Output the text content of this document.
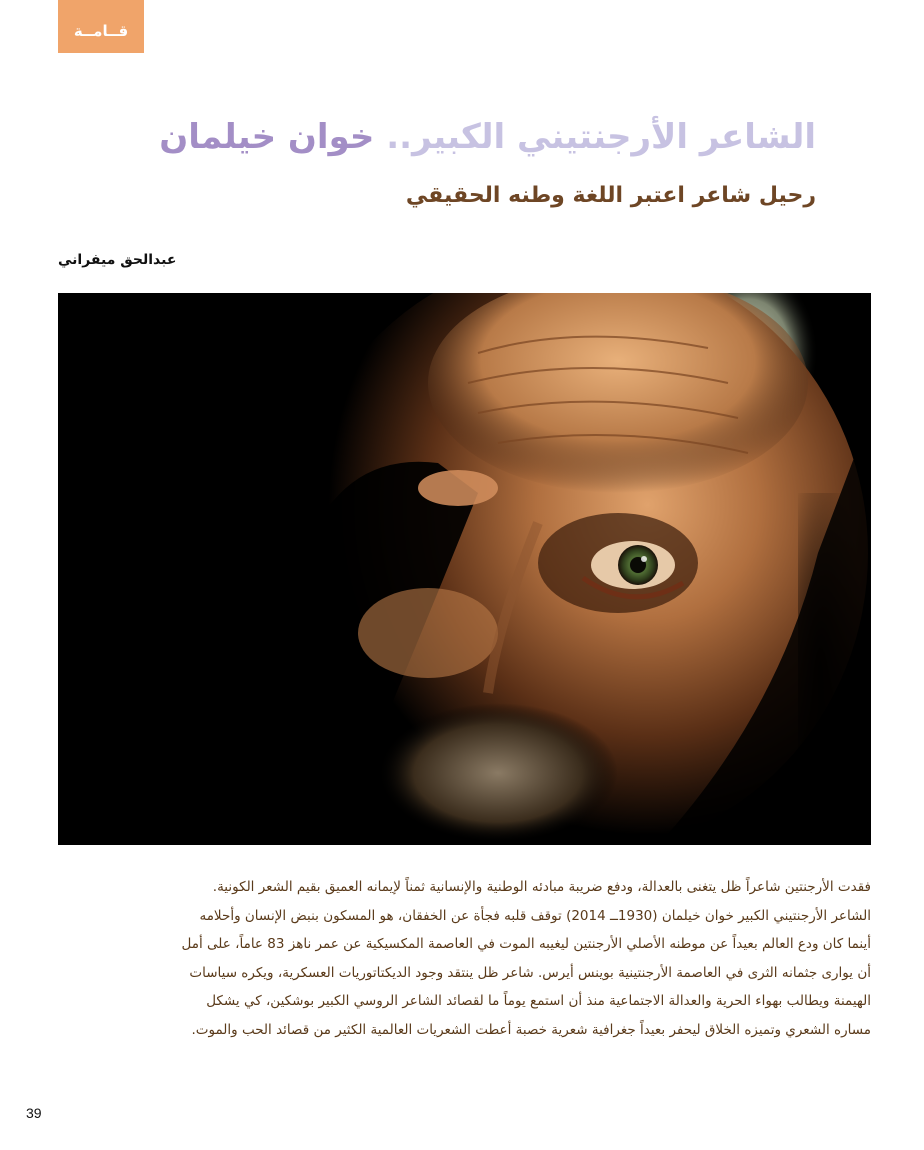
قــامــة
الشاعر الأرجنتيني الكبير.. خوان خيلمان
رحيل شاعر اعتبر اللغة وطنه الحقيقي
عبدالحق ميفراني
فقدت الأرجنتين شاعراً ظل يتغنى بالعدالة، ودفع ضريبة مبادئه الوطنية والإنسانية ثمناً لإيمانه العميق بقيم الشعر الكونية.
الشاعر الأرجنتيني الكبير خوان خيلمان (1930ــ 2014) توقف قلبه فجأة عن الخفقان، هو المسكون بنبض الإنسان وأحلامه
أينما كان ودع العالم بعيداً عن موطنه الأصلي الأرجنتين ليغيبه الموت في العاصمة المكسيكية عن عمر ناهز 83 عاماً، على أمل
أن يوارى جثمانه الثرى في العاصمة الأرجنتينية بوينس أيرس. شاعر ظل ينتقد وجود الديكتاتوريات العسكرية، ويكره سياسات
الهيمنة ويطالب بهواء الحرية والعدالة الاجتماعية منذ أن استمع يوماً ما لقصائد الشاعر الروسي الكبير بوشكين، كي يشكل
مساره الشعري وتميزه الخلاق ليحفر بعيداً جغرافية شعرية خصبة أعطت الشعريات العالمية الكثير من قصائد الحب والموت.
39
